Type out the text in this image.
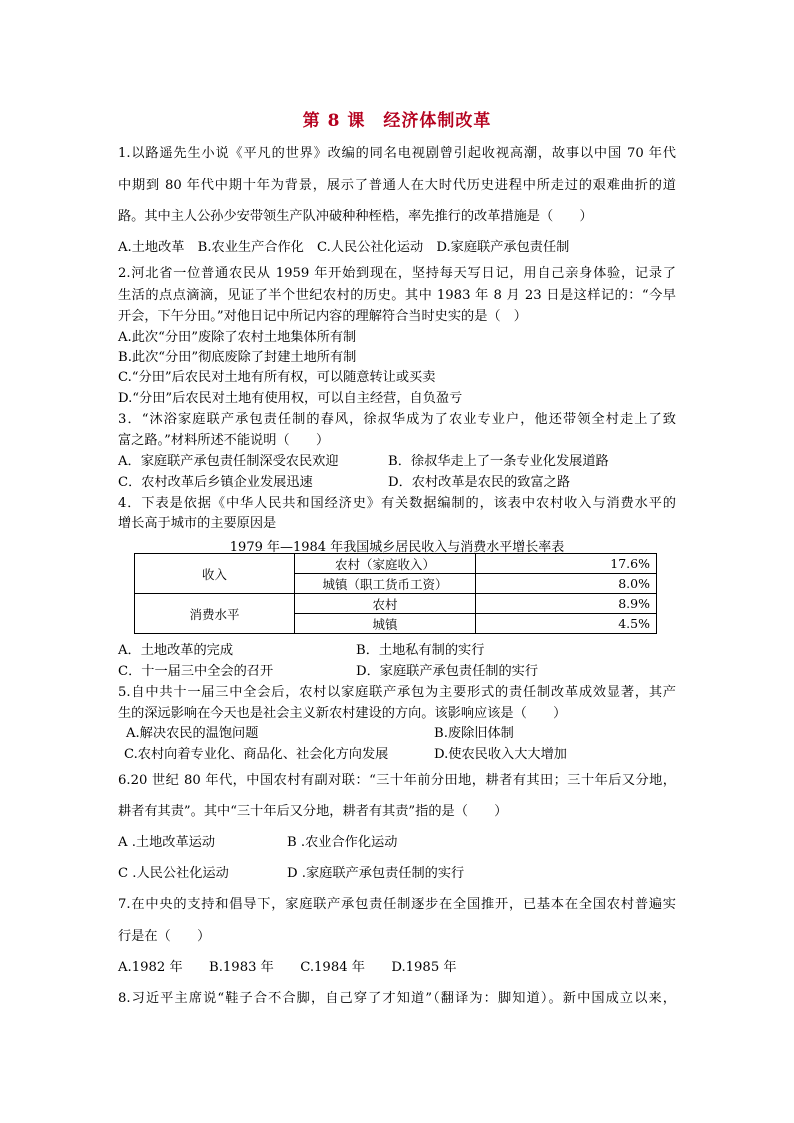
第 8 课　经济体制改革
1.以路遥先生小说《平凡的世界》改编的同名电视剧曾引起收视高潮，故事以中国 70 年代
中期到 80 年代中期十年为背景，展示了普通人在大时代历史进程中所走过的艰难曲折的道
路。其中主人公孙少安带领生产队冲破种种桎梏，率先推行的改革措施是（　　）
A.土地改革　B.农业生产合作化　C.人民公社化运动　D.家庭联产承包责任制
2.河北省一位普通农民从 1959 年开始到现在，坚持每天写日记，用自己亲身体验，记录了
生活的点点滴滴，见证了半个世纪农村的历史。其中 1983 年 8 月 23 日是这样记的：“今早
开会，下午分田。”对他日记中所记内容的理解符合当时史实的是（　）
A.此次“分田”废除了农村土地集体所有制
B.此次“分田”彻底废除了封建土地所有制
C.“分田”后农民对土地有所有权，可以随意转让或买卖
D.“分田”后农民对土地有使用权，可以自主经营，自负盈亏
3．“沐浴家庭联产承包责任制的春风，徐叔华成为了农业专业户，他还带领全村走上了致
富之路。”材料所述不能说明（　　）
A．家庭联产承包责任制深受农民欢迎	B．徐叔华走上了一条专业化发展道路
C．农村改革后乡镇企业发展迅速	D．农村改革是农民的致富之路
4．下表是依据《中华人民共和国经济史》有关数据编制的，该表中农村收入与消费水平的
增长高于城市的主要原因是
1979 年—1984 年我国城乡居民收入与消费水平增长率表
收入	农村（家庭收入）	17.6%
	城镇（职工货币工资）	8.0%
消费水平	农村	8.9%
	城镇	4.5%
A．土地改革的完成	B．土地私有制的实行
C．十一届三中全会的召开	D．家庭联产承包责任制的实行
5.自中共十一届三中全会后，农村以家庭联产承包为主要形式的责任制改革成效显著，其产
生的深远影响在今天也是社会主义新农村建设的方向。该影响应该是（　　）
A.解决农民的温饱问题	B.废除旧体制
C.农村向着专业化、商品化、社会化方向发展	D.使农民收入大大增加
6.20 世纪 80 年代，中国农村有副对联：“三十年前分田地，耕者有其田；三十年后又分地，
耕者有其责”。其中“三十年后又分地，耕者有其责”指的是（　　）
A .土地改革运动	B .农业合作化运动
C .人民公社化运动	D .家庭联产承包责任制的实行
7.在中央的支持和倡导下，家庭联产承包责任制逐步在全国推开，已基本在全国农村普遍实
行是在（　　）
A.1982 年　　B.1983 年　　C.1984 年　　D.1985 年
8.习近平主席说“鞋子合不合脚，自己穿了才知道”（翻译为：脚知道）。新中国成立以来，
